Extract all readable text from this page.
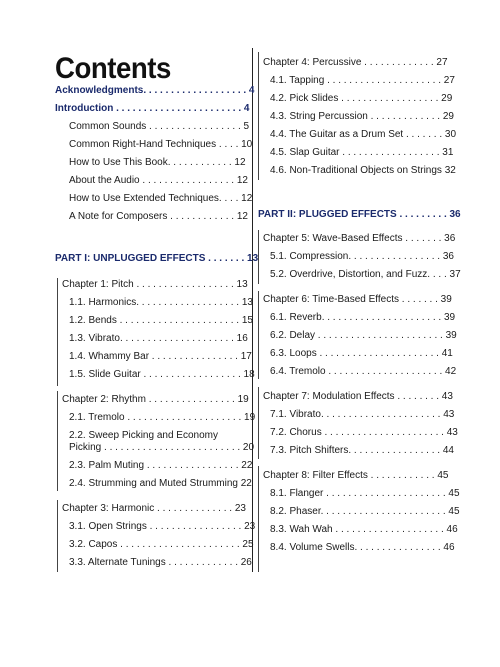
Contents
Acknowledgments. . . . . . . . . . . . . . . . . . . 4
Introduction . . . . . . . . . . . . . . . . . . . . . . . 4
Common Sounds . . . . . . . . . . . . . . . . . 5
Common Right-Hand Techniques . . . . 10
How to Use This Book. . . . . . . . . . . . 12
About the Audio . . . . . . . . . . . . . . . . . 12
How to Use Extended Techniques. . . . 12
A Note for Composers . . . . . . . . . . . . 12
PART I: UNPLUGGED EFFECTS . . . . . . . 13
Chapter 1: Pitch . . . . . . . . . . . . . . . . . . 13
1.1. Harmonics. . . . . . . . . . . . . . . . . . . 13
1.2. Bends . . . . . . . . . . . . . . . . . . . . . . 15
1.3. Vibrato. . . . . . . . . . . . . . . . . . . . . 16
1.4. Whammy Bar . . . . . . . . . . . . . . . . 17
1.5. Slide Guitar . . . . . . . . . . . . . . . . . . 18
Chapter 2: Rhythm . . . . . . . . . . . . . . . . 19
2.1. Tremolo . . . . . . . . . . . . . . . . . . . . . 19
2.2. Sweep Picking and Economy
Picking . . . . . . . . . . . . . . . . . . . . . . . . . 20
2.3. Palm Muting . . . . . . . . . . . . . . . . . 22
2.4. Strumming and Muted Strumming 22
Chapter 3: Harmonic . . . . . . . . . . . . . . 23
3.1. Open Strings . . . . . . . . . . . . . . . . . 23
3.2. Capos . . . . . . . . . . . . . . . . . . . . . . 25
3.3. Alternate Tunings . . . . . . . . . . . . . 26
Chapter 4: Percussive . . . . . . . . . . . . . 27
4.1. Tapping . . . . . . . . . . . . . . . . . . . . . 27
4.2. Pick Slides . . . . . . . . . . . . . . . . . . 29
4.3. String Percussion . . . . . . . . . . . . . 29
4.4. The Guitar as a Drum Set . . . . . . . 30
4.5. Slap Guitar . . . . . . . . . . . . . . . . . . 31
4.6. Non-Traditional Objects on Strings 32
PART II: PLUGGED EFFECTS . . . . . . . . . 36
Chapter 5: Wave-Based Effects . . . . . . . 36
5.1. Compression. . . . . . . . . . . . . . . . . 36
5.2. Overdrive, Distortion, and Fuzz. . . . 37
Chapter 6: Time-Based Effects . . . . . . . 39
6.1. Reverb. . . . . . . . . . . . . . . . . . . . . . 39
6.2. Delay . . . . . . . . . . . . . . . . . . . . . . . 39
6.3. Loops . . . . . . . . . . . . . . . . . . . . . . 41
6.4. Tremolo . . . . . . . . . . . . . . . . . . . . . 42
Chapter 7: Modulation Effects . . . . . . . . 43
7.1. Vibrato. . . . . . . . . . . . . . . . . . . . . . 43
7.2. Chorus . . . . . . . . . . . . . . . . . . . . . . 43
7.3. Pitch Shifters. . . . . . . . . . . . . . . . . 44
Chapter 8: Filter Effects . . . . . . . . . . . . 45
8.1. Flanger . . . . . . . . . . . . . . . . . . . . . . 45
8.2. Phaser. . . . . . . . . . . . . . . . . . . . . . . 45
8.3. Wah Wah . . . . . . . . . . . . . . . . . . . . 46
8.4. Volume Swells. . . . . . . . . . . . . . . . 46
